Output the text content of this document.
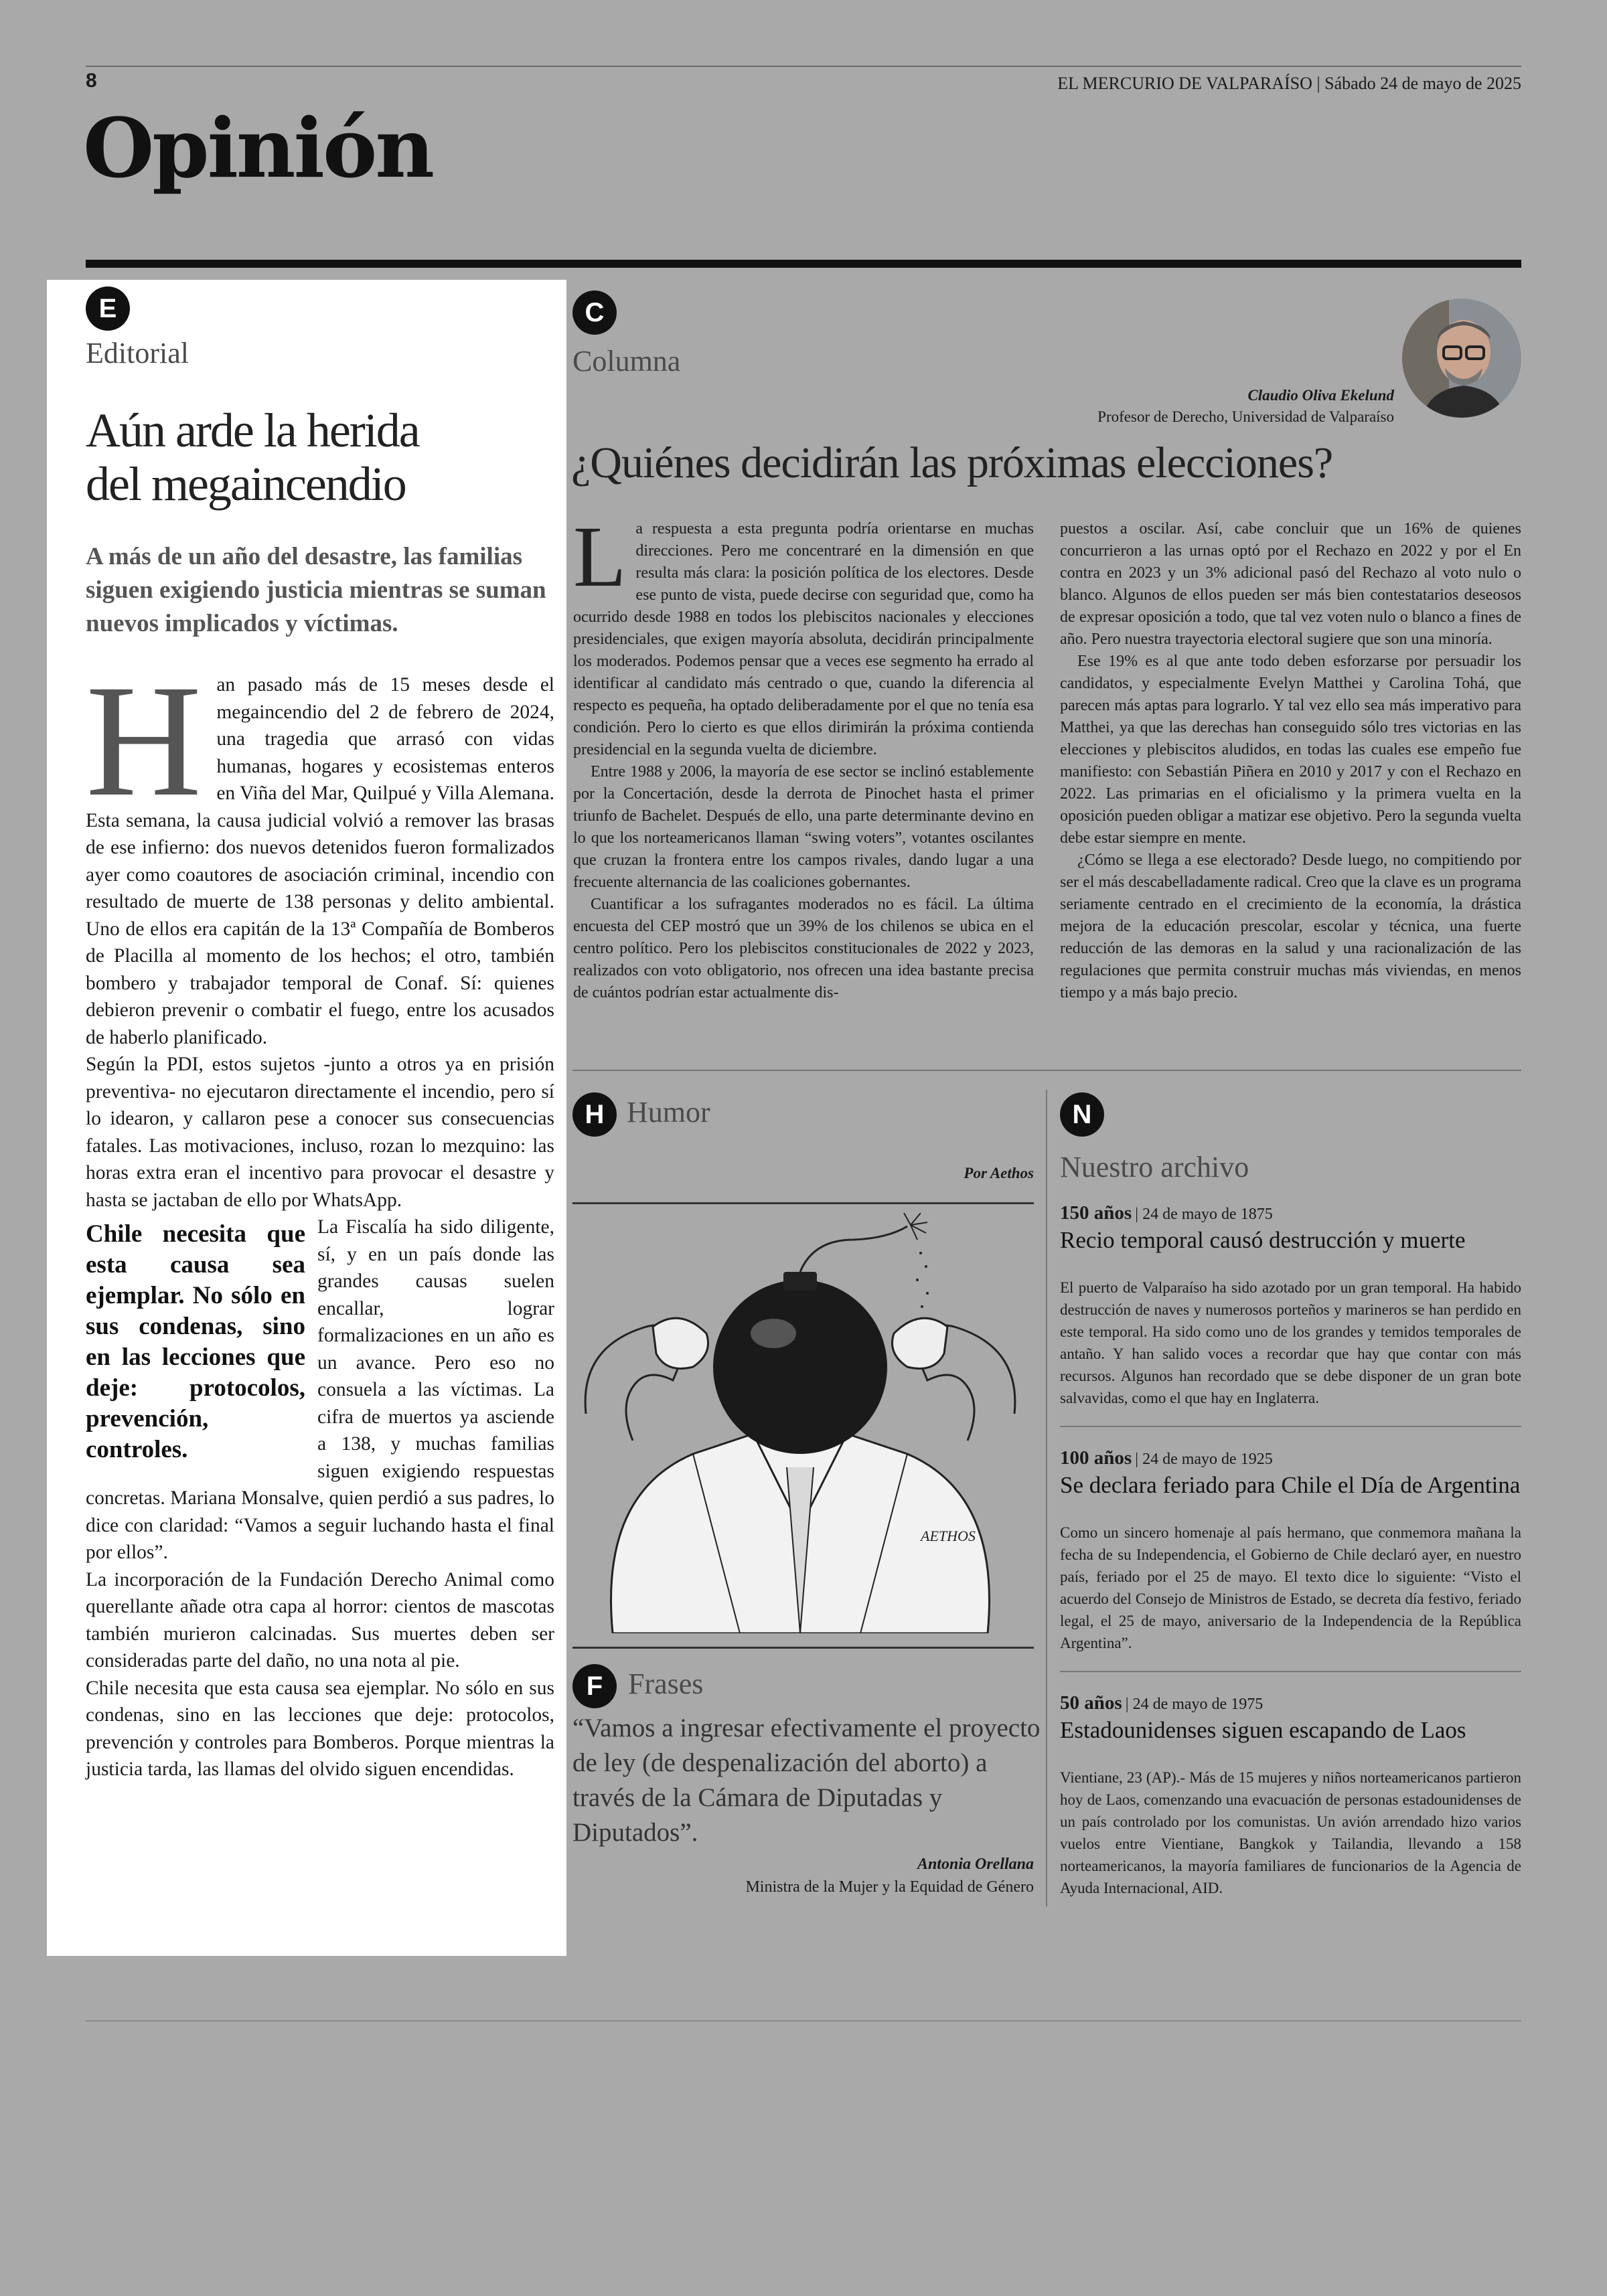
8	EL MERCURIO DE VALPARAÍSO | Sábado 24 de mayo de 2025
Opinión
E
Editorial

Aún arde la herida

del megaincendio

A más de un año del desastre, las familias siguen exigiendo justicia mientras se suman nuevos implicados y víctimas.

H an pasado más de 15 meses desde el megaincendio del 2 de febrero de 2024, una tragedia que arrasó con vidas humanas, hogares y ecosistemas enteros en Viña del Mar, Quilpué y Villa Alemana. Esta semana, la causa judicial volvió a remover las brasas de ese infierno: dos nuevos detenidos fueron formalizados ayer como coautores de asociación criminal, incendio con resultado de muerte de 138 personas y delito ambiental. Uno de ellos era capitán de la 13ª Compañía de Bomberos de Placilla al momento de los hechos; el otro, también bombero y trabajador temporal de Conaf. Sí: quienes debieron prevenir o combatir el fuego, entre los acusados de haberlo planificado.

Según la PDI, estos sujetos -junto a otros ya en prisión preventiva- no ejecutaron directamente el incendio, pero sí lo idearon, y callaron pese a conocer sus consecuencias fatales. Las motivaciones, incluso, rozan lo mezquino: las horas extra eran el incentivo para provocar el desastre y hasta se jactaban de ello por WhatsApp.

Chile necesita que esta causa sea ejemplar. No sólo en sus condenas, sino en las lecciones que deje: protocolos, prevención, controles.

La Fiscalía ha sido diligente, sí, y en un país donde las grandes causas suelen encallar, lograr formalizaciones en un año es un avance. Pero eso no consuela a las víctimas. La cifra de muertos ya asciende a 138, y muchas familias siguen exigiendo respuestas concretas. Mariana Monsalve, quien perdió a sus padres, lo dice con claridad: “Vamos a seguir luchando hasta el final por ellos”.

La incorporación de la Fundación Derecho Animal como querellante añade otra capa al horror: cientos de mascotas también murieron calcinadas. Sus muertes deben ser consideradas parte del daño, no una nota al pie.

Chile necesita que esta causa sea ejemplar. No sólo en sus condenas, sino en las lecciones que deje: protocolos, prevención y controles para Bomberos. Porque mientras la justicia tarda, las llamas del olvido siguen encendidas.

C
Columna
Claudio Oliva Ekelund
Profesor de Derecho, Universidad de Valparaíso

¿Quiénes decidirán las próximas elecciones?

L a respuesta a esta pregunta podría orientarse en muchas direcciones. Pero me concentraré en la dimensión en que resulta más clara: la posición política de los electores. Desde ese punto de vista, puede decirse con seguridad que, como ha ocurrido desde 1988 en todos los plebiscitos nacionales y elecciones presidenciales, que exigen mayoría absoluta, decidirán principalmente los moderados. Podemos pensar que a veces ese segmento ha errado al identificar al candidato más centrado o que, cuando la diferencia al respecto es pequeña, ha optado deliberadamente por el que no tenía esa condición. Pero lo cierto es que ellos dirimirán la próxima contienda presidencial en la segunda vuelta de diciembre.

Entre 1988 y 2006, la mayoría de ese sector se inclinó establemente por la Concertación, desde la derrota de Pinochet hasta el primer triunfo de Bachelet. Después de ello, una parte determinante devino en lo que los norteamericanos llaman “swing voters”, votantes oscilantes que cruzan la frontera entre los campos rivales, dando lugar a una frecuente alternancia de las coaliciones gobernantes.

Cuantificar a los sufragantes moderados no es fácil. La última encuesta del CEP mostró que un 39% de los chilenos se ubica en el centro político. Pero los plebiscitos constitucionales de 2022 y 2023, realizados con voto obligatorio, nos ofrecen una idea bastante precisa de cuántos podrían estar actualmente dis-

puestos a oscilar. Así, cabe concluir que un 16% de quienes concurrieron a las urnas optó por el Rechazo en 2022 y por el En contra en 2023 y un 3% adicional pasó del Rechazo al voto nulo o blanco. Algunos de ellos pueden ser más bien contestatarios deseosos de expresar oposición a todo, que tal vez voten nulo o blanco a fines de año. Pero nuestra trayectoria electoral sugiere que son una minoría.

Ese 19% es al que ante todo deben esforzarse por persuadir los candidatos, y especialmente Evelyn Matthei y Carolina Tohá, que parecen más aptas para lograrlo. Y tal vez ello sea más imperativo para Matthei, ya que las derechas han conseguido sólo tres victorias en las elecciones y plebiscitos aludidos, en todas las cuales ese empeño fue manifiesto: con Sebastián Piñera en 2010 y 2017 y con el Rechazo en 2022. Las primarias en el oficialismo y la primera vuelta en la oposición pueden obligar a matizar ese objetivo. Pero la segunda vuelta debe estar siempre en mente.

¿Cómo se llega a ese electorado? Desde luego, no compitiendo por ser el más descabelladamente radical. Creo que la clave es un programa seriamente centrado en el crecimiento de la economía, la drástica mejora de la educación prescolar, escolar y técnica, una fuerte reducción de las demoras en la salud y una racionalización de las regulaciones que permita construir muchas más viviendas, en menos tiempo y a más bajo precio.

H Humor
Por Aethos
AETHOS
F Frases

“Vamos a ingresar efectivamente el proyecto de ley (de despenalización del aborto) a través de la Cámara de Diputadas y Diputados”.

Antonia Orellana
Ministra de la Mujer y la Equidad de Género
N
Nuestro archivo
150 años | 24 de mayo de 1875

Recio temporal causó destrucción y muerte

El puerto de Valparaíso ha sido azotado por un gran temporal. Ha habido destrucción de naves y numerosos porteños y marineros se han perdido en este temporal. Ha sido como uno de los grandes y temidos temporales de antaño. Y han salido voces a recordar que hay que contar con más recursos. Algunos han recordado que se debe disponer de un gran bote salvavidas, como el que hay en Inglaterra.

100 años | 24 de mayo de 1925

Se declara feriado para Chile el Día de Argentina

Como un sincero homenaje al país hermano, que conmemora mañana la fecha de su Independencia, el Gobierno de Chile declaró ayer, en nuestro país, feriado por el 25 de mayo. El texto dice lo siguiente: “Visto el acuerdo del Consejo de Ministros de Estado, se decreta día festivo, feriado legal, el 25 de mayo, aniversario de la Independencia de la República Argentina”.

50 años | 24 de mayo de 1975

Estadounidenses siguen escapando de Laos

Vientiane, 23 (AP).- Más de 15 mujeres y niños norteamericanos partieron hoy de Laos, comenzando una evacuación de personas estadounidenses de un país controlado por los comunistas. Un avión arrendado hizo varios vuelos entre Vientiane, Bangkok y Tailandia, llevando a 158 norteamericanos, la mayoría familiares de funcionarios de la Agencia de Ayuda Internacional, AID.
